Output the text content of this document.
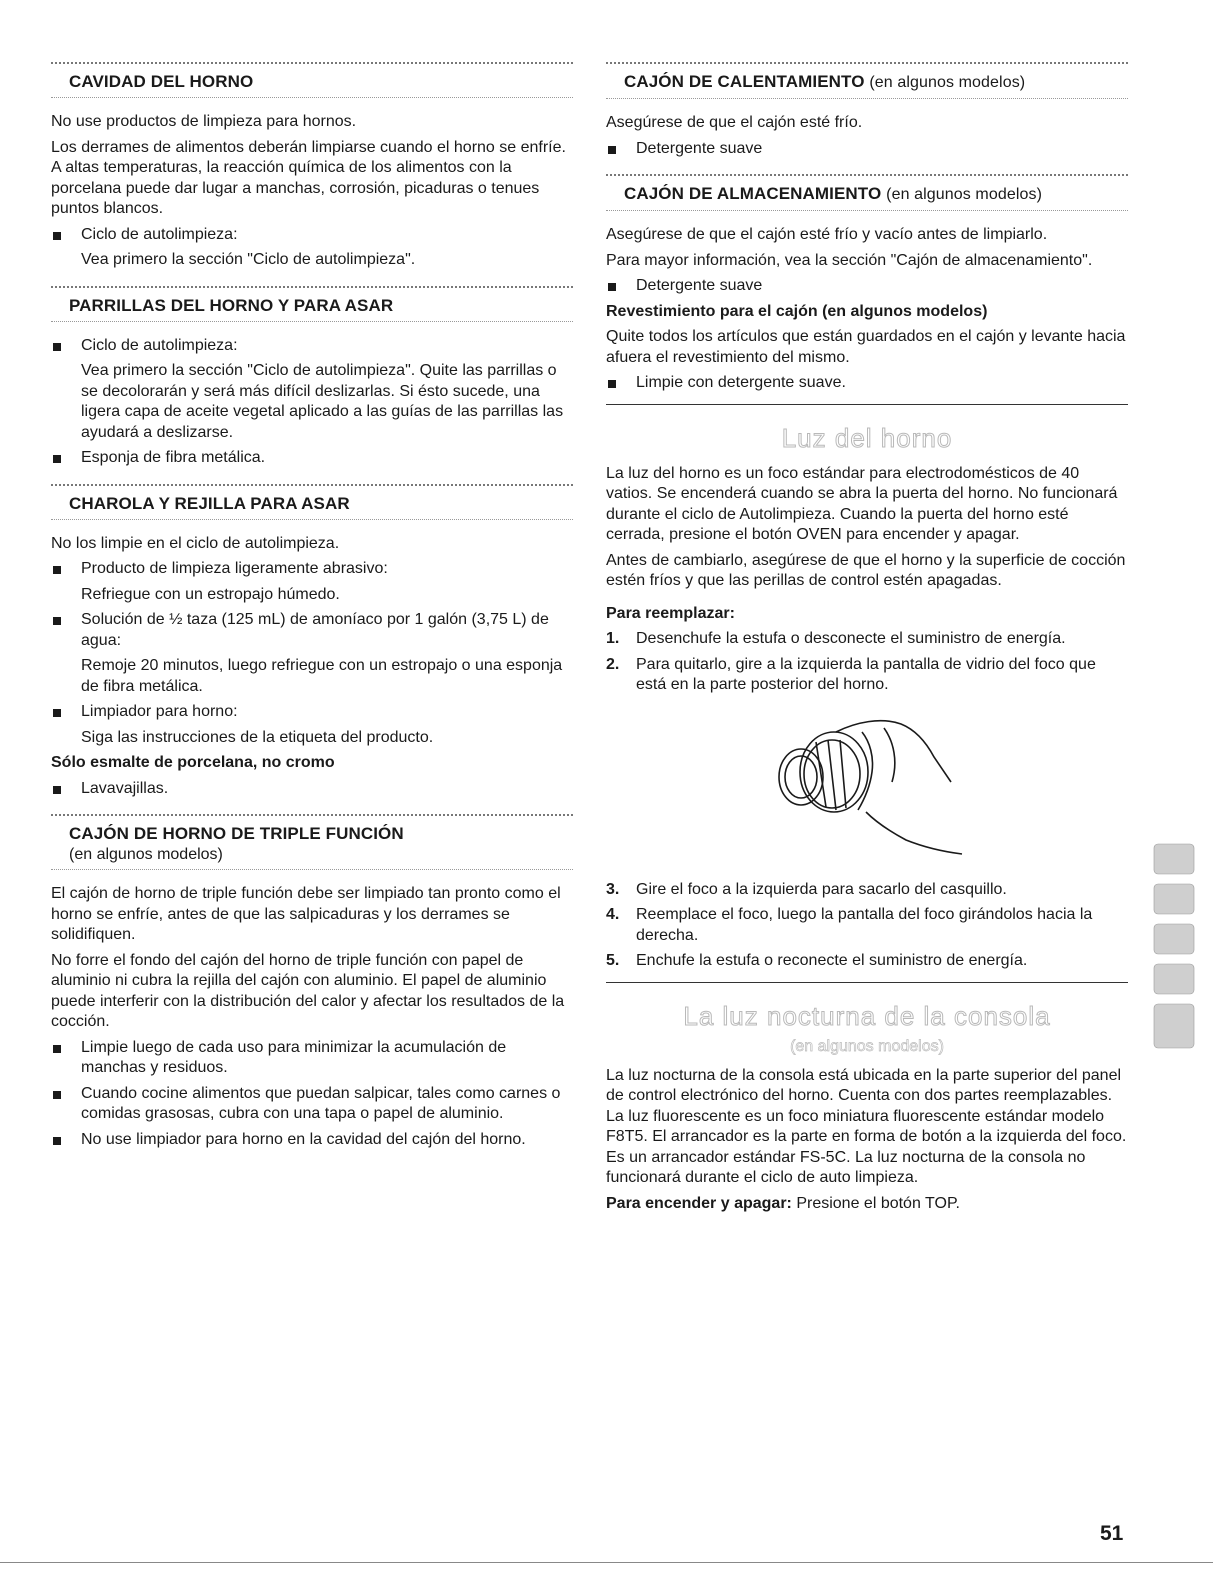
CAVIDAD DEL HORNO

No use productos de limpieza para hornos.

Los derrames de alimentos deberán limpiarse cuando el horno se enfríe. A altas temperaturas, la reacción química de los alimentos con la porcelana puede dar lugar a manchas, corrosión, picaduras o tenues puntos blancos.

Ciclo de autolimpieza:

Vea primero la sección "Ciclo de autolimpieza".

PARRILLAS DEL HORNO Y PARA ASAR
Ciclo de autolimpieza:

Vea primero la sección "Ciclo de autolimpieza". Quite las parrillas o se decolorarán y será más difícil deslizarlas. Si ésto sucede, una ligera capa de aceite vegetal aplicado a las guías de las parrillas las ayudará a deslizarse.

Esponja de fibra metálica.
CHAROLA Y REJILLA PARA ASAR

No los limpie en el ciclo de autolimpieza.

Producto de limpieza ligeramente abrasivo:

Refriegue con un estropajo húmedo.

Solución de ½ taza (125 mL) de amoníaco por 1 galón (3,75 L) de agua:

Remoje 20 minutos, luego refriegue con un estropajo o una esponja de fibra metálica.

Limpiador para horno:

Siga las instrucciones de la etiqueta del producto.

Sólo esmalte de porcelana, no cromo

Lavavajillas.
CAJÓN DE HORNO DE TRIPLE FUNCIÓN
(en algunos modelos)

El cajón de horno de triple función debe ser limpiado tan pronto como el horno se enfríe, antes de que las salpicaduras y los derrames se solidifiquen.

No forre el fondo del cajón del horno de triple función con papel de aluminio ni cubra la rejilla del cajón con aluminio. El papel de aluminio puede interferir con la distribución del calor y afectar los resultados de la cocción.

Limpie luego de cada uso para minimizar la acumulación de manchas y residuos.
Cuando cocine alimentos que puedan salpicar, tales como carnes o comidas grasosas, cubra con una tapa o papel de aluminio.
No use limpiador para horno en la cavidad del cajón del horno.
CAJÓN DE CALENTAMIENTO (en algunos modelos)

Asegúrese de que el cajón esté frío.

Detergente suave
CAJÓN DE ALMACENAMIENTO (en algunos modelos)

Asegúrese de que el cajón esté frío y vacío antes de limpiarlo.

Para mayor información, vea la sección "Cajón de almacenamiento".

Detergente suave

Revestimiento para el cajón (en algunos modelos)

Quite todos los artículos que están guardados en el cajón y levante hacia afuera el revestimiento del mismo.

Limpie con detergente suave.
Luz del horno

La luz del horno es un foco estándar para electrodomésticos de 40 vatios. Se encenderá cuando se abra la puerta del horno. No funcionará durante el ciclo de Autolimpieza. Cuando la puerta del horno esté cerrada, presione el botón OVEN para encender y apagar.

Antes de cambiarlo, asegúrese de que el horno y la superficie de cocción estén fríos y que las perillas de control estén apagadas.

Para reemplazar:

1. Desenchufe la estufa o desconecte el suministro de energía.
2. Para quitarlo, gire a la izquierda la pantalla de vidrio del foco que está en la parte posterior del horno.
3. Gire el foco a la izquierda para sacarlo del casquillo.
4. Reemplace el foco, luego la pantalla del foco girándolos hacia la derecha.
5. Enchufe la estufa o reconecte el suministro de energía.
La luz nocturna de la consola
(en algunos modelos)

La luz nocturna de la consola está ubicada en la parte superior del panel de control electrónico del horno. Cuenta con dos partes reemplazables. La luz fluorescente es un foco miniatura fluorescente estándar modelo F8T5. El arrancador es la parte en forma de botón a la izquierda del foco. Es un arrancador estándar FS-5C. La luz nocturna de la consola no funcionará durante el ciclo de auto limpieza.

Para encender y apagar: Presione el botón TOP.

51
